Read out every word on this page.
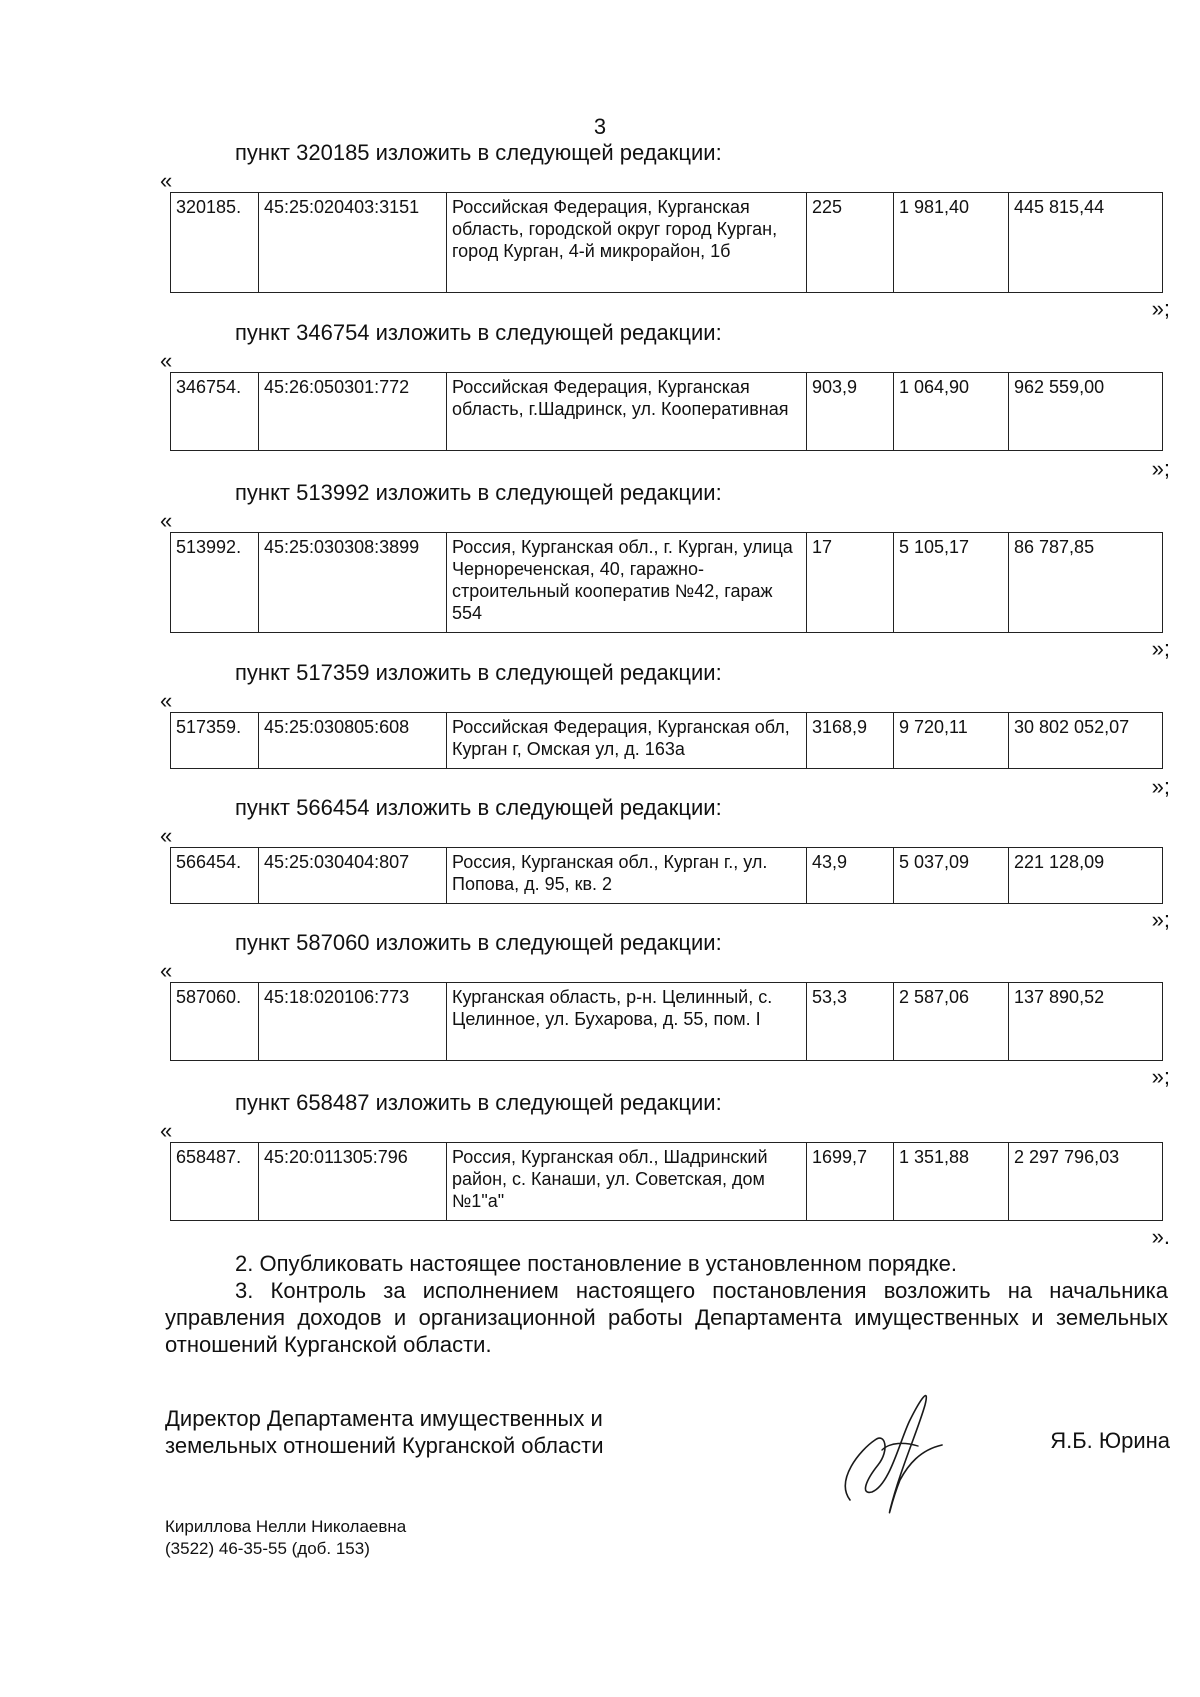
3
пункт 320185 изложить в следующей редакции:
«
320185.	45:25:020403:3151	Российская Федерация, Курганская область, городской округ город Курган, город Курган, 4-й микрорайон, 1б	225	1 981,40	445 815,44
»;
пункт 346754 изложить в следующей редакции:
«
346754.	45:26:050301:772	Российская Федерация, Курганская область, г.Шадринск, ул. Кооперативная	903,9	1 064,90	962 559,00
»;
пункт 513992 изложить в следующей редакции:
«
513992.	45:25:030308:3899	Россия, Курганская обл., г. Курган, улица Чернореченская, 40, гаражно-строительный кооператив №42, гараж 554	17	5 105,17	86 787,85
»;
пункт 517359 изложить в следующей редакции:
«
517359.	45:25:030805:608	Российская Федерация, Курганская обл, Курган г, Омская ул, д. 163а	3168,9	9 720,11	30 802 052,07
»;
пункт 566454 изложить в следующей редакции:
«
566454.	45:25:030404:807	Россия, Курганская обл., Курган г., ул. Попова, д. 95, кв. 2	43,9	5 037,09	221 128,09
»;
пункт 587060 изложить в следующей редакции:
«
587060.	45:18:020106:773	Курганская область, р-н. Целинный, с. Целинное, ул. Бухарова, д. 55, пом. I	53,3	2 587,06	137 890,52
»;
пункт 658487 изложить в следующей редакции:
«
658487.	45:20:011305:796	Россия, Курганская обл., Шадринский район, с. Канаши, ул. Советская, дом №1"а"	1699,7	1 351,88	2 297 796,03
».
2. Опубликовать настоящее постановление в установленном порядке.
3. Контроль за исполнением настоящего постановления возложить на начальника управления доходов и организационной работы Департамента имущественных и земельных отношений Курганской области.
Директор Департамента имущественных и
земельных отношений Курганской области	Я.Б. Юрина
Кириллова Нелли Николаевна
(3522) 46-35-55 (доб. 153)
